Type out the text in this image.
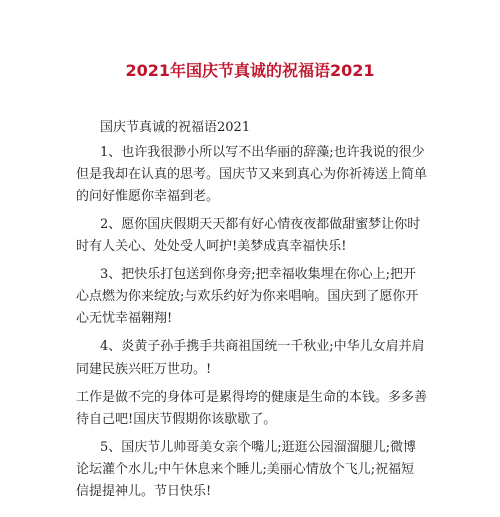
2021年国庆节真诚的祝福语2021

国庆节真诚的祝福语2021

1、也许我很渺小所以写不出华丽的辞藻;也许我说的很少

但是我却在认真的思考。国庆节又来到真心为你祈祷送上简单

的问好惟愿你幸福到老。

2、愿你国庆假期天天都有好心情夜夜都做甜蜜梦让你时

时有人关心、处处受人呵护!美梦成真幸福快乐!

3、把快乐打包送到你身旁;把幸福收集埋在你心上;把开

心点燃为你来绽放;与欢乐约好为你来唱响。国庆到了愿你开

心无忧幸福翱翔!

4、炎黄子孙手携手共商祖国统一千秋业;中华儿女肩并肩

同建民族兴旺万世功。!

工作是做不完的身体可是累得垮的健康是生命的本钱。多多善

待自己吧!国庆节假期你该歇歇了。

5、国庆节儿帅哥美女亲个嘴儿;逛逛公园溜溜腿儿;微博

论坛灌个水儿;中午休息来个睡儿;美丽心情放个飞儿;祝福短

信提提神儿。节日快乐!
